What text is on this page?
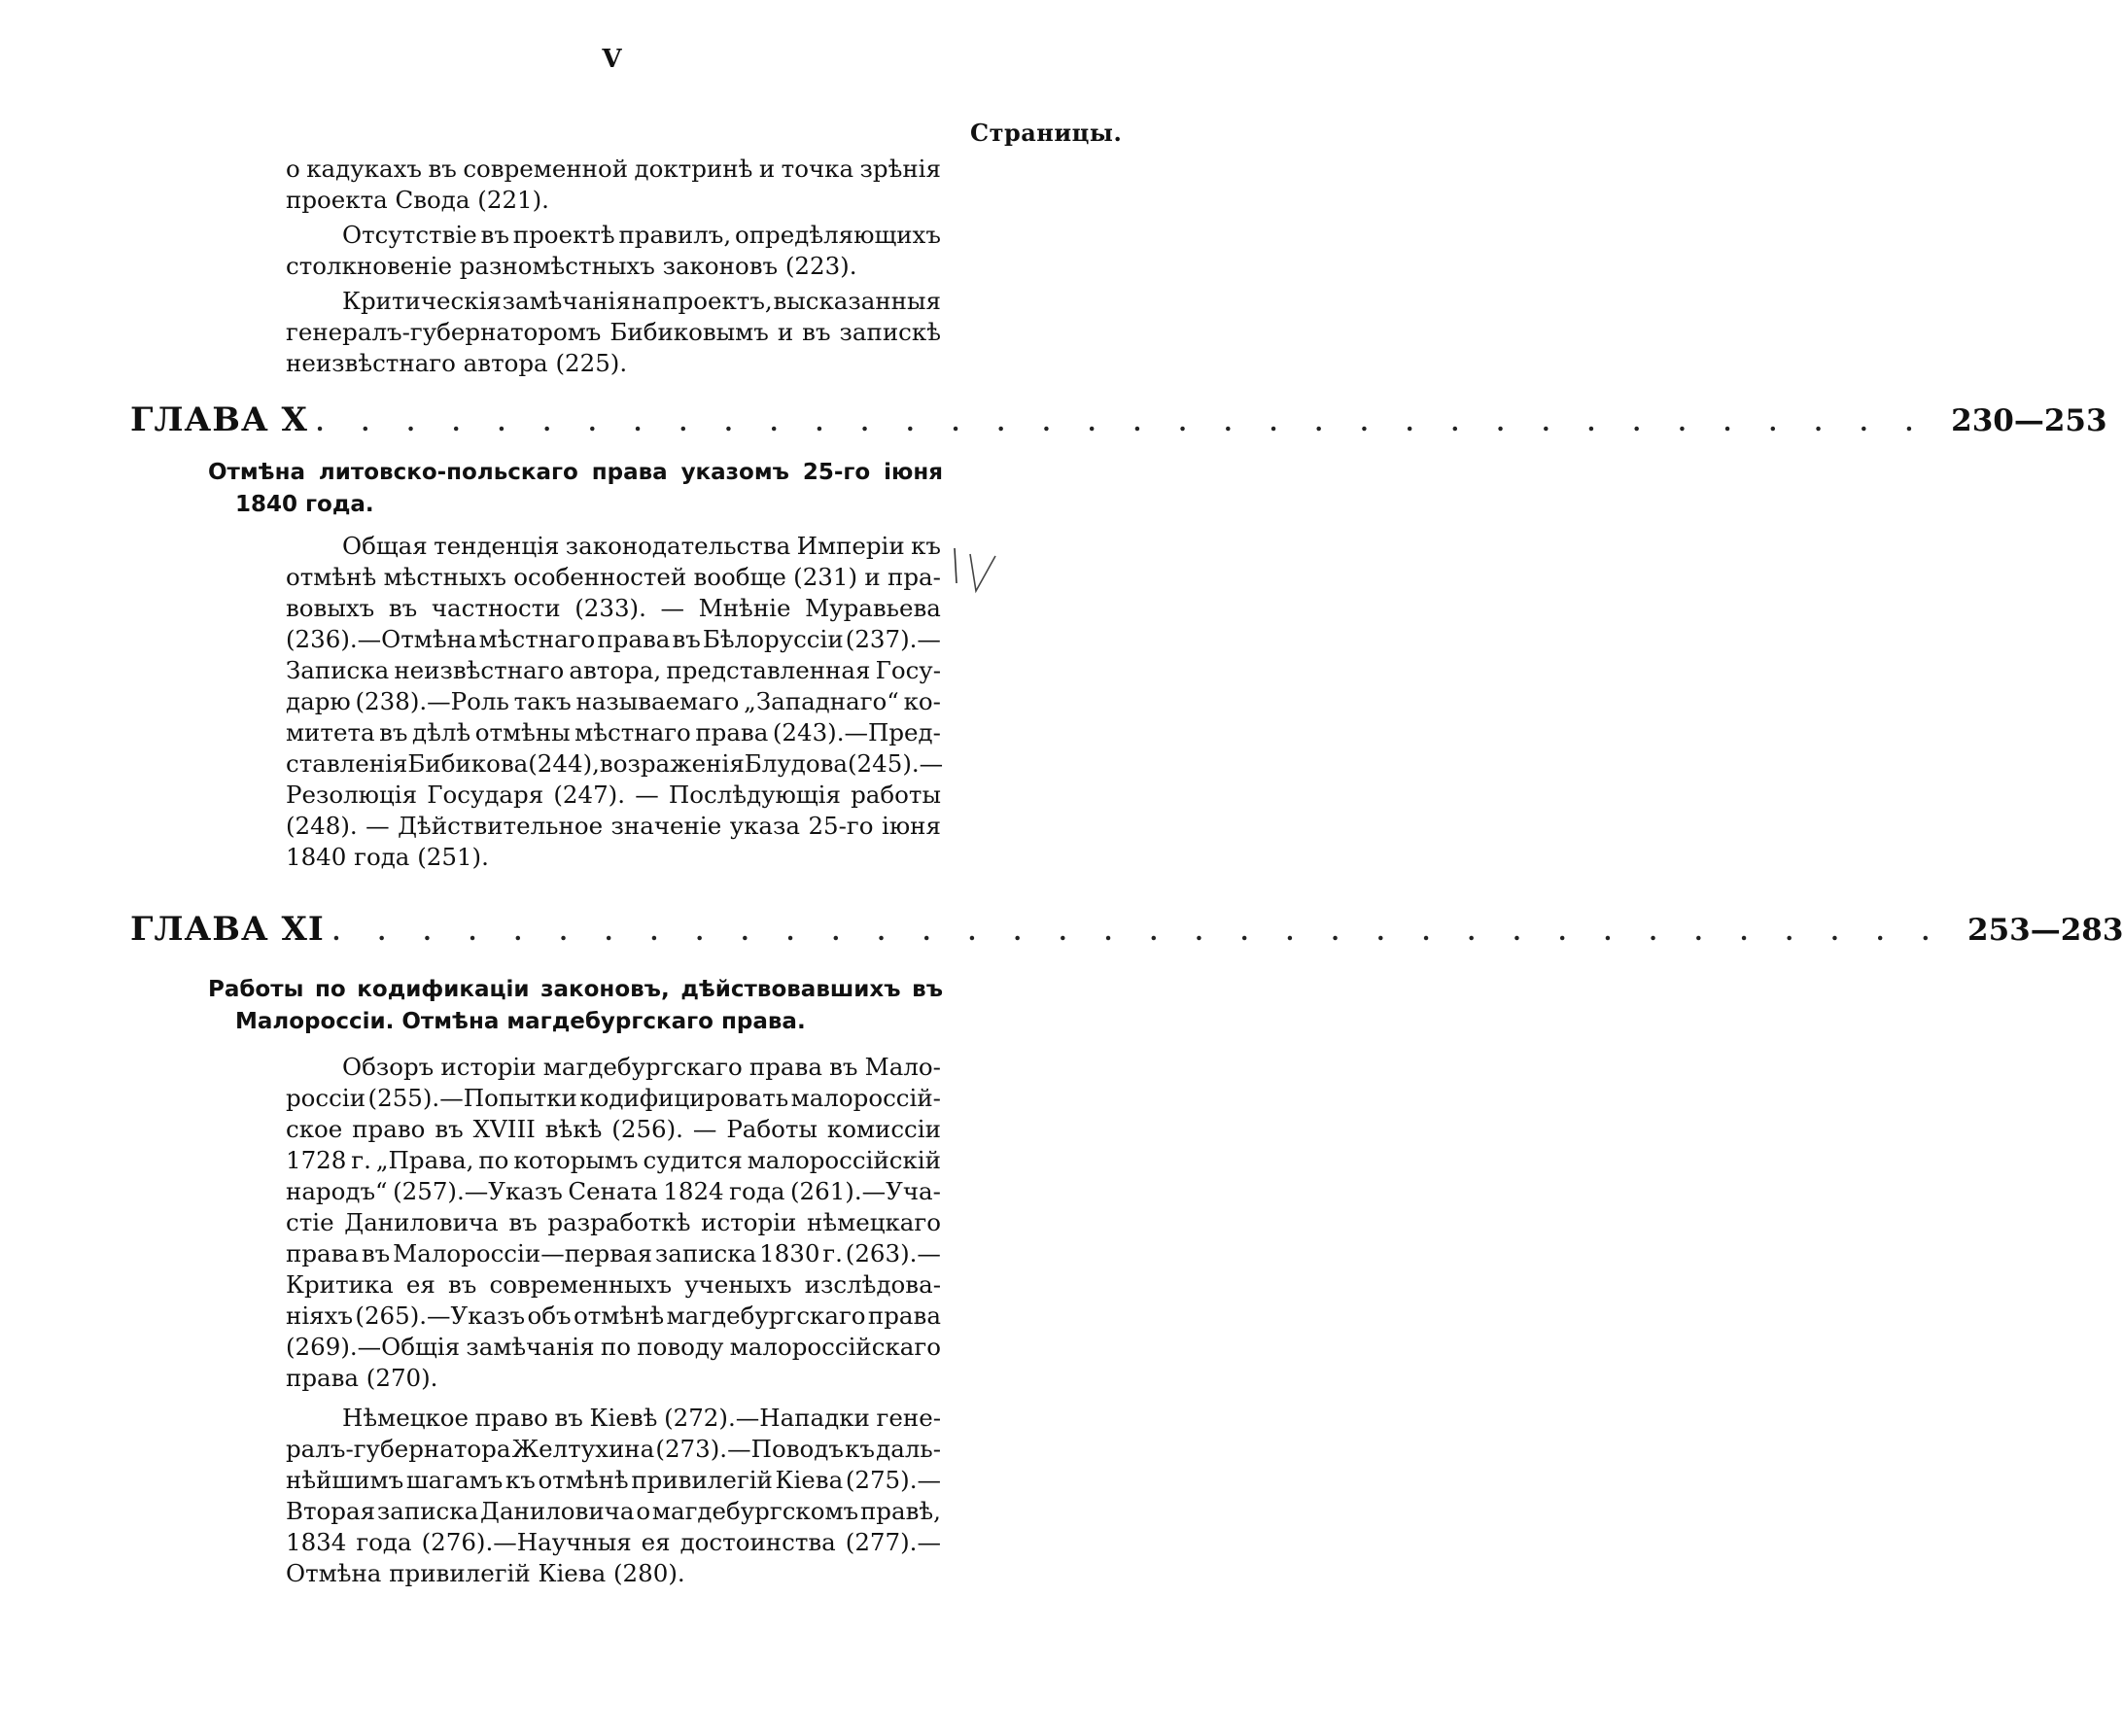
V
Страницы.
о кадукахъ въ современной доктринѣ и точка зрѣнія
проекта Свода (221).
Отсутствіе въ проектѣ правилъ, опредѣляющихъ
столкновеніе разномѣстныхъ законовъ (223).
Критическія замѣчанія на проектъ, высказанныя
генералъ-губернаторомъ Бибиковымъ и въ запискѣ
неизвѣстнаго автора (225).
ГЛАВА X . . . . . . . . . . . . . . . . . . . . . . . . . . . . . . . . . . . . 230—253
Отмѣна литовско-польскаго права указомъ 25-го іюня
1840 года.
Общая тенденція законодательства Имперіи къ
отмѣнѣ мѣстныхъ особенностей вообще (231) и пра-
вовыхъ въ частности (233). — Мнѣніе Муравьева
(236).—Отмѣна мѣстнаго права въ Бѣлоруссіи (237).—
Записка неизвѣстнаго автора, представленная Госу-
дарю (238).—Роль такъ называемаго „Западнаго“ ко-
митета въ дѣлѣ отмѣны мѣстнаго права (243).—Пред-
ставленія Бибикова (244), возраженія Блудова (245).—
Резолюція Государя (247). — Послѣдующія работы
(248). — Дѣйствительное значеніе указа 25-го іюня
1840 года (251).
ГЛАВА XI . . . . . . . . . . . . . . . . . . . . . . . . . . . . . . . . . . . . 253—283
Работы по кодификаціи законовъ, дѣйствовавшихъ въ
Малороссіи. Отмѣна магдебургскаго права.
Обзоръ исторіи магдебургскаго права въ Мало-
россіи (255).—Попытки кодифицировать малороссій-
ское право въ XVIII вѣкѣ (256). — Работы комиссіи
1728 г. „Права, по которымъ судится малороссійскій
народъ“ (257).—Указъ Сената 1824 года (261).—Уча-
стіе Даниловича въ разработкѣ исторіи нѣмецкаго
права въ Малороссіи—первая записка 1830 г. (263).—
Критика ея въ современныхъ ученыхъ изслѣдова-
ніяхъ (265).—Указъ объ отмѣнѣ магдебургскаго права
(269).—Общія замѣчанія по поводу малороссійскаго
права (270).
Нѣмецкое право въ Кіевѣ (272).—Нападки гене-
ралъ-губернатора Желтухина (273).—Поводъ къ даль-
нѣйшимъ шагамъ къ отмѣнѣ привилегій Кіева (275).—
Вторая записка Даниловича о магдебургскомъ правѣ,
1834 года (276).—Научныя ея достоинства (277).—
Отмѣна привилегій Кіева (280).
